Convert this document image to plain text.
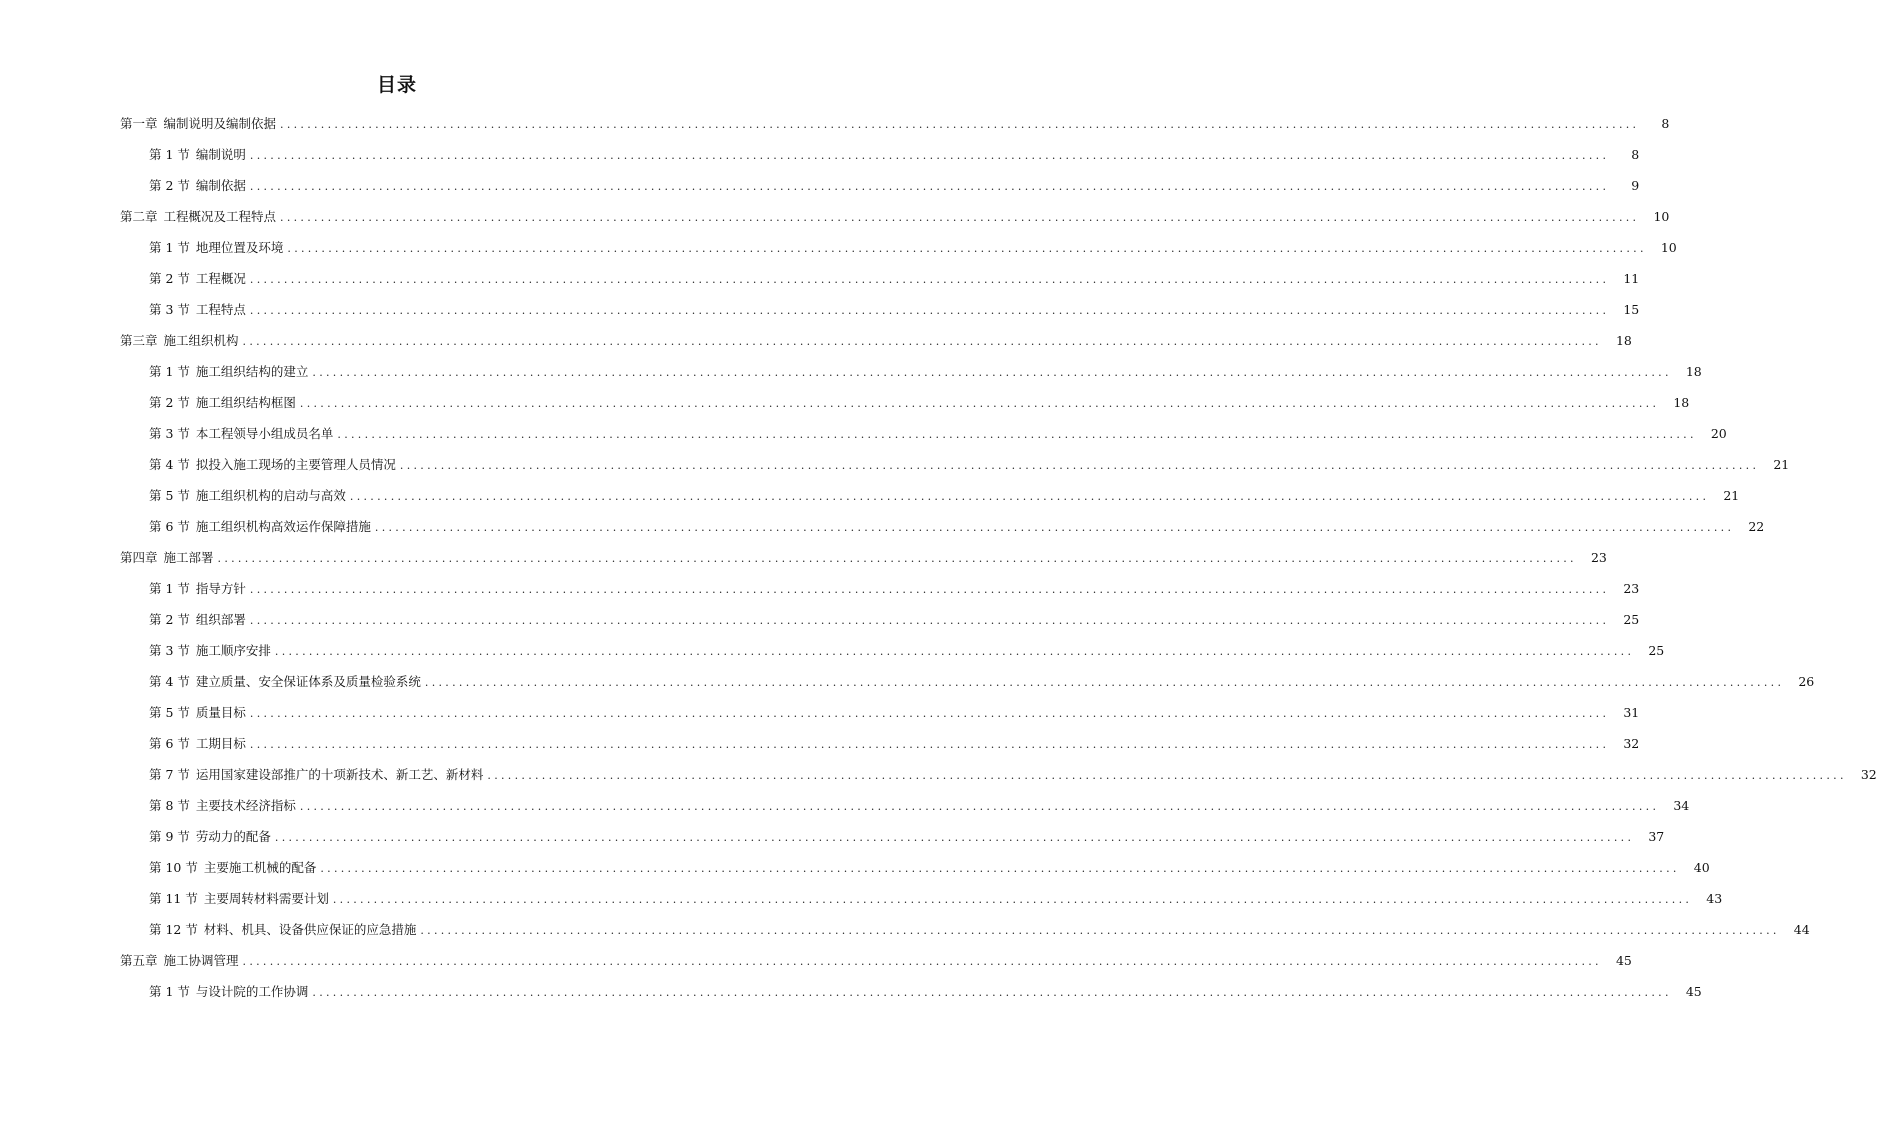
目录
第一章 编制说明及编制依据 ........................................................................................................................................................................................................	8
第 1 节 编制说明 ........................................................................................................................................................................................................	8
第 2 节 编制依据 ........................................................................................................................................................................................................	9
第二章 工程概况及工程特点 ........................................................................................................................................................................................................	10
第 1 节 地理位置及环境 ........................................................................................................................................................................................................	10
第 2 节 工程概况 ........................................................................................................................................................................................................	11
第 3 节 工程特点 ........................................................................................................................................................................................................	15
第三章 施工组织机构 ........................................................................................................................................................................................................	18
第 1 节 施工组织结构的建立 ........................................................................................................................................................................................................	18
第 2 节 施工组织结构框图 ........................................................................................................................................................................................................	18
第 3 节 本工程领导小组成员名单 ........................................................................................................................................................................................................	20
第 4 节 拟投入施工现场的主要管理人员情况 ........................................................................................................................................................................................................	21
第 5 节 施工组织机构的启动与高效 ........................................................................................................................................................................................................	21
第 6 节 施工组织机构高效运作保障措施 ........................................................................................................................................................................................................	22
第四章 施工部署 ........................................................................................................................................................................................................	23
第 1 节 指导方针 ........................................................................................................................................................................................................	23
第 2 节 组织部署 ........................................................................................................................................................................................................	25
第 3 节 施工顺序安排 ........................................................................................................................................................................................................	25
第 4 节 建立质量、安全保证体系及质量检验系统 ........................................................................................................................................................................................................	26
第 5 节 质量目标 ........................................................................................................................................................................................................	31
第 6 节 工期目标 ........................................................................................................................................................................................................	32
第 7 节 运用国家建设部推广的十项新技术、新工艺、新材料 ........................................................................................................................................................................................................	32
第 8 节 主要技术经济指标 ........................................................................................................................................................................................................	34
第 9 节 劳动力的配备 ........................................................................................................................................................................................................	37
第 10 节 主要施工机械的配备 ........................................................................................................................................................................................................	40
第 11 节 主要周转材料需要计划 ........................................................................................................................................................................................................	43
第 12 节 材料、机具、设备供应保证的应急措施 ........................................................................................................................................................................................................	44
第五章 施工协调管理 ........................................................................................................................................................................................................	45
第 1 节 与设计院的工作协调 ........................................................................................................................................................................................................	45
